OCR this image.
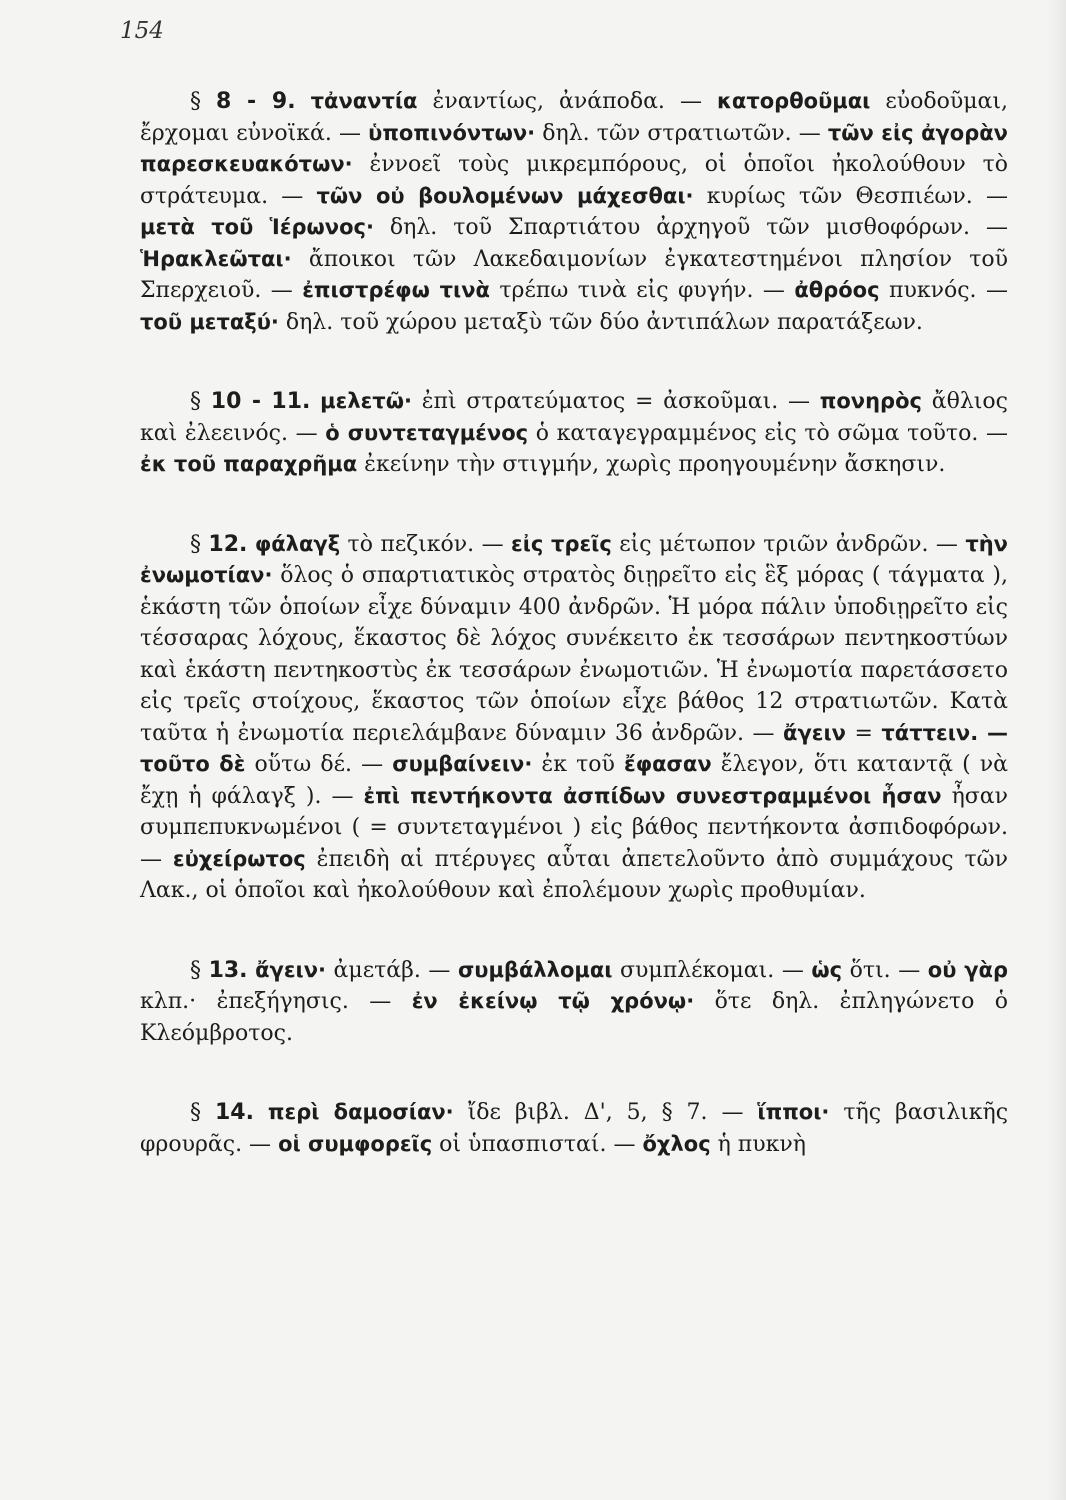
154

§ 8 - 9. τἀναντία ἐναντίως, ἀνάποδα. — κατορθοῦμαι εὐοδοῦμαι, ἔρχομαι εὐνοϊκά. — ὑποπινόντων· δηλ. τῶν στρατιωτῶν. — τῶν εἰς ἀγορὰν παρεσκευακότων· ἐννοεῖ τοὺς μικρεμπόρους, οἱ ὁποῖοι ἠκολούθουν τὸ στράτευμα. — τῶν οὐ βουλομένων μάχεσθαι· κυρίως τῶν Θεσπιέων. — μετὰ τοῦ Ἱέρωνος· δηλ. τοῦ Σπαρτιάτου ἀρχηγοῦ τῶν μισθοφόρων. — Ἡρακλεῶται· ἄποικοι τῶν Λακεδαιμονίων ἐγκατεστημένοι πλησίον τοῦ Σπερχειοῦ. — ἐπιστρέφω τινὰ τρέπω τινὰ εἰς φυγήν. — ἀθρόος πυκνός. — τοῦ μεταξύ· δηλ. τοῦ χώρου μεταξὺ τῶν δύο ἀντιπάλων παρατάξεων.

§ 10 - 11. μελετῶ· ἐπὶ στρατεύματος = ἀσκοῦμαι. — πονηρὸς ἄθλιος καὶ ἐλεεινός. — ὁ συντεταγμένος ὁ καταγεγραμμένος εἰς τὸ σῶμα τοῦτο. — ἐκ τοῦ παραχρῆμα ἐκείνην τὴν στιγμήν, χωρὶς προηγουμένην ἄσκησιν.

§ 12. φάλαγξ τὸ πεζικόν. — εἰς τρεῖς εἰς μέτωπον τριῶν ἀνδρῶν. — τὴν ἐνωμοτίαν· ὅλος ὁ σπαρτιατικὸς στρατὸς διῃρεῖτο εἰς ἓξ μόρας ( τάγματα ), ἑκάστη τῶν ὁποίων εἶχε δύναμιν 400 ἀνδρῶν. Ἡ μόρα πάλιν ὑποδιῃρεῖτο εἰς τέσσαρας λόχους, ἕκαστος δὲ λόχος συνέκειτο ἐκ τεσσάρων πεντηκοστύων καὶ ἑκάστη πεντηκοστὺς ἐκ τεσσάρων ἐνωμοτιῶν. Ἡ ἐνωμοτία παρετάσσετο εἰς τρεῖς στοίχους, ἕκαστος τῶν ὁποίων εἶχε βάθος 12 στρατιωτῶν. Κατὰ ταῦτα ἡ ἐνωμοτία περιελάμβανε δύναμιν 36 ἀνδρῶν. — ἄγειν = τάττειν. — τοῦτο δὲ οὕτω δέ. — συμβαίνειν· ἐκ τοῦ ἔφασαν ἔλεγον, ὅτι καταντᾷ ( νὰ ἔχῃ ἡ φάλαγξ ). — ἐπὶ πεντήκοντα ἀσπίδων συνεστραμμένοι ἦσαν ἦσαν συμπεπυκνωμένοι ( = συντεταγμένοι ) εἰς βάθος πεντήκοντα ἀσπιδοφόρων. — εὐχείρωτος ἐπειδὴ αἱ πτέρυγες αὗται ἀπετελοῦντο ἀπὸ συμμάχους τῶν Λακ., οἱ ὁποῖοι καὶ ἠκολούθουν καὶ ἐπολέμουν χωρὶς προθυμίαν.

§ 13. ἄγειν· ἀμετάβ. — συμβάλλομαι συμπλέκομαι. — ὡς ὅτι. — οὐ γὰρ κλπ.· ἐπεξήγησις. — ἐν ἐκείνῳ τῷ χρόνῳ· ὅτε δηλ. ἐπληγώνετο ὁ Κλεόμβροτος.

§ 14. περὶ δαμοσίαν· ἴδε βιβλ. Δ', 5, § 7. — ἵπποι· τῆς βασιλικῆς φρουρᾶς. — οἱ συμφορεῖς οἱ ὑπασπισταί. — ὄχλος ἡ πυκνὴ
